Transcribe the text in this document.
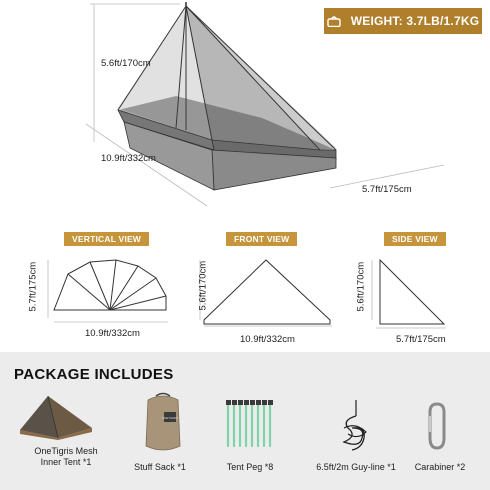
WEIGHT: 3.7LB/1.7KG
5.6ft/170cm
10.9ft/332cm
5.7ft/175cm
VERTICAL VIEW	FRONT VIEW	SIDE VIEW
5.7ft/175cm
10.9ft/332cm
5.6ft/170cm
10.9ft/332cm
5.6ft/170cm
5.7ft/175cm
PACKAGE INCLUDES
OneTigris Mesh
Inner Tent *1
ONETIGRIS
Stuff Sack *1	Tent Peg *8	6.5ft/2m Guy-line *1	Carabiner *2
